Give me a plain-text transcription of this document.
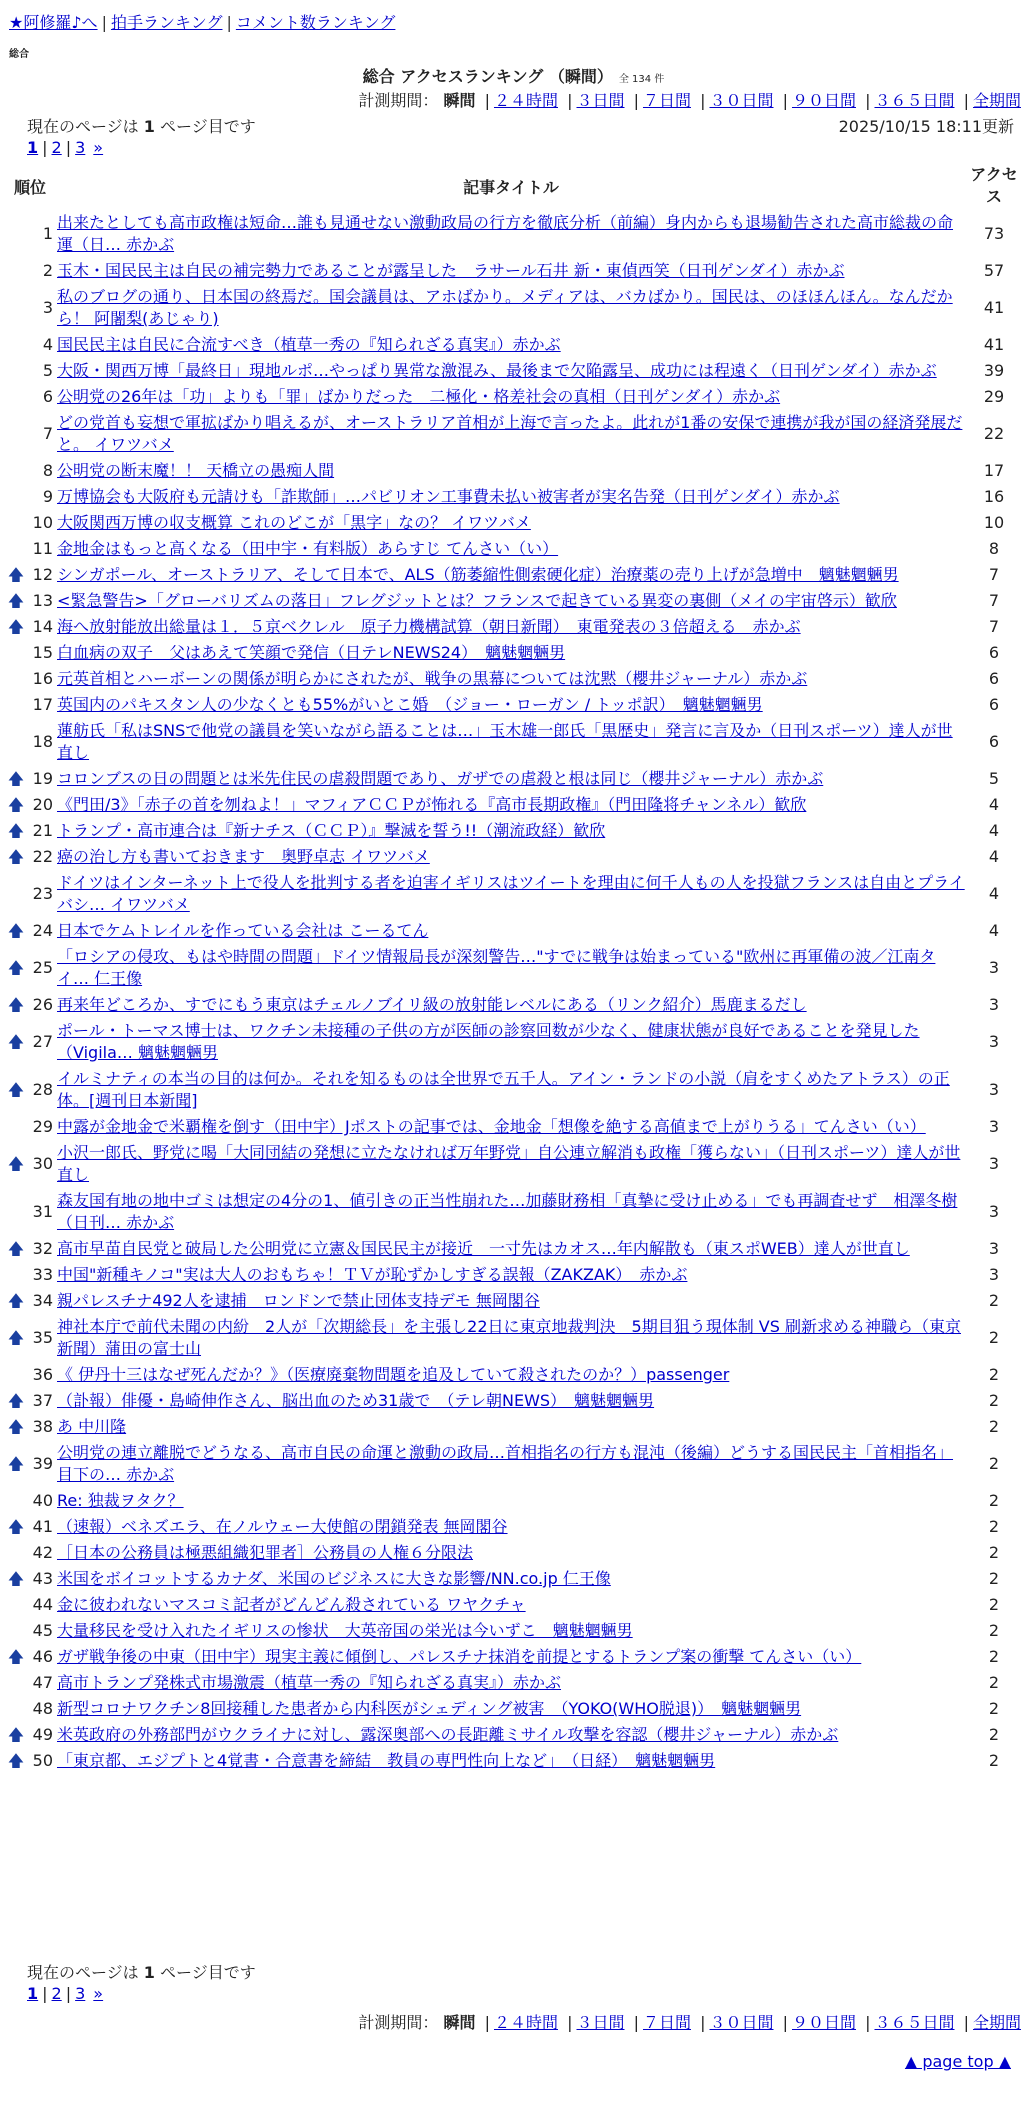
★阿修羅♪へ | 拍手ランキング | コメント数ランキング
総合
総合 アクセスランキング （瞬間） 全 134 件
計測期間： 瞬間 | ２４時間 | ３日間 | ７日間 | ３０日間 | ９０日間 | ３６５日間 | 全期間
現在のページは 1 ページ目です	2025/10/15 18:11更新
1 | 2 | 3 »
順位		記事タイトル	アクセス
	1	出来たとしても高市政権は短命…誰も見通せない激動政局の行方を徹底分析（前編）身内からも退場勧告された高市総裁の命運（日… 赤かぶ	73
	2	玉木・国民民主は自民の補完勢力であることが露呈した　ラサール石井 新・東偵西笑（日刊ゲンダイ）赤かぶ	57
	3	私のブログの通り、日本国の終焉だ。国会議員は、アホばかり。メディアは、バカばかり。国民は、のほほんほん。なんだから！ 阿闍梨(あじゃり)	41
	4	国民民主は自民に合流すべき（植草一秀の『知られざる真実』）赤かぶ	41
	5	大阪・関西万博「最終日」現地ルポ…やっぱり異常な激混み、最後まで欠陥露呈、成功には程遠く（日刊ゲンダイ）赤かぶ	39
	6	公明党の26年は「功」よりも「罪」ばかりだった　二極化・格差社会の真相（日刊ゲンダイ）赤かぶ	29
	7	どの党首も妄想で軍拡ばかり唱えるが、オーストラリア首相が上海で言ったよ。此れが1番の安保で連携が我が国の経済発展だと。 イワツバメ	22
	8	公明党の断末魔！！ 天橋立の愚痴人間	17
	9	万博協会も大阪府も元請けも「詐欺師」…パビリオン工事費未払い被害者が実名告発（日刊ゲンダイ）赤かぶ	16
	10	大阪関西万博の収支概算 これのどこが「黒字」なの？ イワツバメ	10
	11	金地金はもっと高くなる（田中宇・有料版）あらすじ てんさい（い）	8
🡅	12	シンガポール、オーストラリア、そして日本で、ALS（筋萎縮性側索硬化症）治療薬の売り上げが急増中　魑魅魍魎男	7
🡅	13	<緊急警告>「グローバリズムの落日」フレグジットとは？フランスで起きている異変の裏側（メイの宇宙啓示）歓欣	7
🡅	14	海へ放射能放出総量は１．５京ベクレル　原子力機構試算（朝日新聞）　東電発表の３倍超える　赤かぶ	7
	15	白血病の双子　父はあえて笑顔で発信（日テレNEWS24）　魑魅魍魎男	6
	16	元英首相とハーボーンの関係が明らかにされたが、戦争の黒幕については沈黙（櫻井ジャーナル）赤かぶ	6
	17	英国内のパキスタン人の少なくとも55%がいとこ婚　（ジョー・ローガン / トッポ訳）　魑魅魍魎男	6
	18	蓮舫氏「私はSNSで他党の議員を笑いながら語ることは…」玉木雄一郎氏「黒歴史」発言に言及か（日刊スポーツ）達人が世直し	6
🡅	19	コロンブスの日の問題とは米先住民の虐殺問題であり、ガザでの虐殺と根は同じ（櫻井ジャーナル）赤かぶ	5
🡅	20	《門田/3》「赤子の首を刎ねよ！」マフィアＣＣＰが怖れる『高市長期政権』（門田隆将チャンネル）歓欣	4
🡅	21	トランプ・高市連合は『新ナチス（ＣＣＰ）』撃滅を誓う!!（潮流政経）歓欣	4
🡅	22	癌の治し方も書いておきます　奥野卓志 イワツバメ	4
	23	ドイツはインターネット上で役人を批判する者を迫害イギリスはツイートを理由に何千人もの人を投獄フランスは自由とプライバシ… イワツバメ	4
🡅	24	日本でケムトレイルを作っている会社は こーるてん	4
🡅	25	「ロシアの侵攻、もはや時間の問題」ドイツ情報局長が深刻警告…"すでに戦争は始まっている"欧州に再軍備の波／江南タイ… 仁王像	3
🡅	26	再来年どころか、すでにもう東京はチェルノブイリ級の放射能レベルにある（リンク紹介）馬鹿まるだし	3
🡅	27	ポール・トーマス博士は、ワクチン未接種の子供の方が医師の診察回数が少なく、健康状態が良好であることを発見した（Vigila… 魑魅魍魎男	3
🡅	28	イルミナティの本当の目的は何か。それを知るものは全世界で五千人。アイン・ランドの小説（肩をすくめたアトラス）の正体。[週刊日本新聞]	3
	29	中露が金地金で米覇権を倒す（田中宇）Jポストの記事では、金地金「想像を絶する高値まで上がりうる」てんさい（い）	3
🡅	30	小沢一郎氏、野党に喝「大同団結の発想に立たなければ万年野党」自公連立解消も政権「獲らない」（日刊スポーツ）達人が世直し	3
	31	森友国有地の地中ゴミは想定の4分の1、値引きの正当性崩れた…加藤財務相「真摯に受け止める」でも再調査せず　相澤冬樹（日刊… 赤かぶ	3
🡅	32	高市早苗自民党と破局した公明党に立憲＆国民民主が接近　一寸先はカオス…年内解散も（東スポWEB）達人が世直し	3
	33	中国"新種キノコ"実は大人のおもちゃ！ＴＶが恥ずかしすぎる誤報（ZAKZAK）　赤かぶ	3
🡅	34	親パレスチナ492人を逮捕　ロンドンで禁止団体支持デモ 無岡閣谷	2
🡅	35	神社本庁で前代未聞の内紛　2人が「次期総長」を主張し22日に東京地裁判決　5期目狙う現体制 VS 刷新求める神職ら（東京新聞）蒲田の富士山	2
	36	《 伊丹十三はなぜ死んだか？》（医療廃棄物問題を追及していて殺されたのか？）passenger	2
🡅	37	（訃報）俳優・島崎伸作さん、脳出血のため31歳で　（テレ朝NEWS）　魑魅魍魎男	2
🡅	38	あ 中川隆	2
🡅	39	公明党の連立離脱でどうなる、高市自民の命運と激動の政局…首相指名の行方も混沌（後編）どうする国民民主「首相指名」目下の… 赤かぶ	2
	40	Re: 独裁ヲタク？	2
🡅	41	（速報）ベネズエラ、在ノルウェー大使館の閉鎖発表 無岡閣谷	2
	42	［日本の公務員は極悪組織犯罪者］公務員の人権６分限法	2
🡅	43	米国をボイコットするカナダ、米国のビジネスに大きな影響/NN.co.jp 仁王像	2
	44	金に彼われないマスコミ記者がどんどん殺されている ワヤクチャ	2
	45	大量移民を受け入れたイギリスの惨状　大英帝国の栄光は今いずこ　魑魅魍魎男	2
🡅	46	ガザ戦争後の中東（田中宇）現実主義に傾倒し、パレスチナ抹消を前提とするトランプ案の衝撃 てんさい（い）	2
	47	高市トランプ発株式市場激震（植草一秀の『知られざる真実』）赤かぶ	2
	48	新型コロナワクチン8回接種した患者から内科医がシェディング被害　（YOKO(WHO脱退)）　魑魅魍魎男	2
🡅	49	米英政府の外務部門がウクライナに対し、露深奥部への長距離ミサイル攻撃を容認（櫻井ジャーナル）赤かぶ	2
🡅	50	「東京都、エジプトと4覚書・合意書を締結　教員の専門性向上など」　（日経）　魑魅魍魎男	2
現在のページは 1 ページ目です
1 | 2 | 3 »
計測期間： 瞬間 | ２４時間 | ３日間 | ７日間 | ３０日間 | ９０日間 | ３６５日間 | 全期間
▲ page top ▲
